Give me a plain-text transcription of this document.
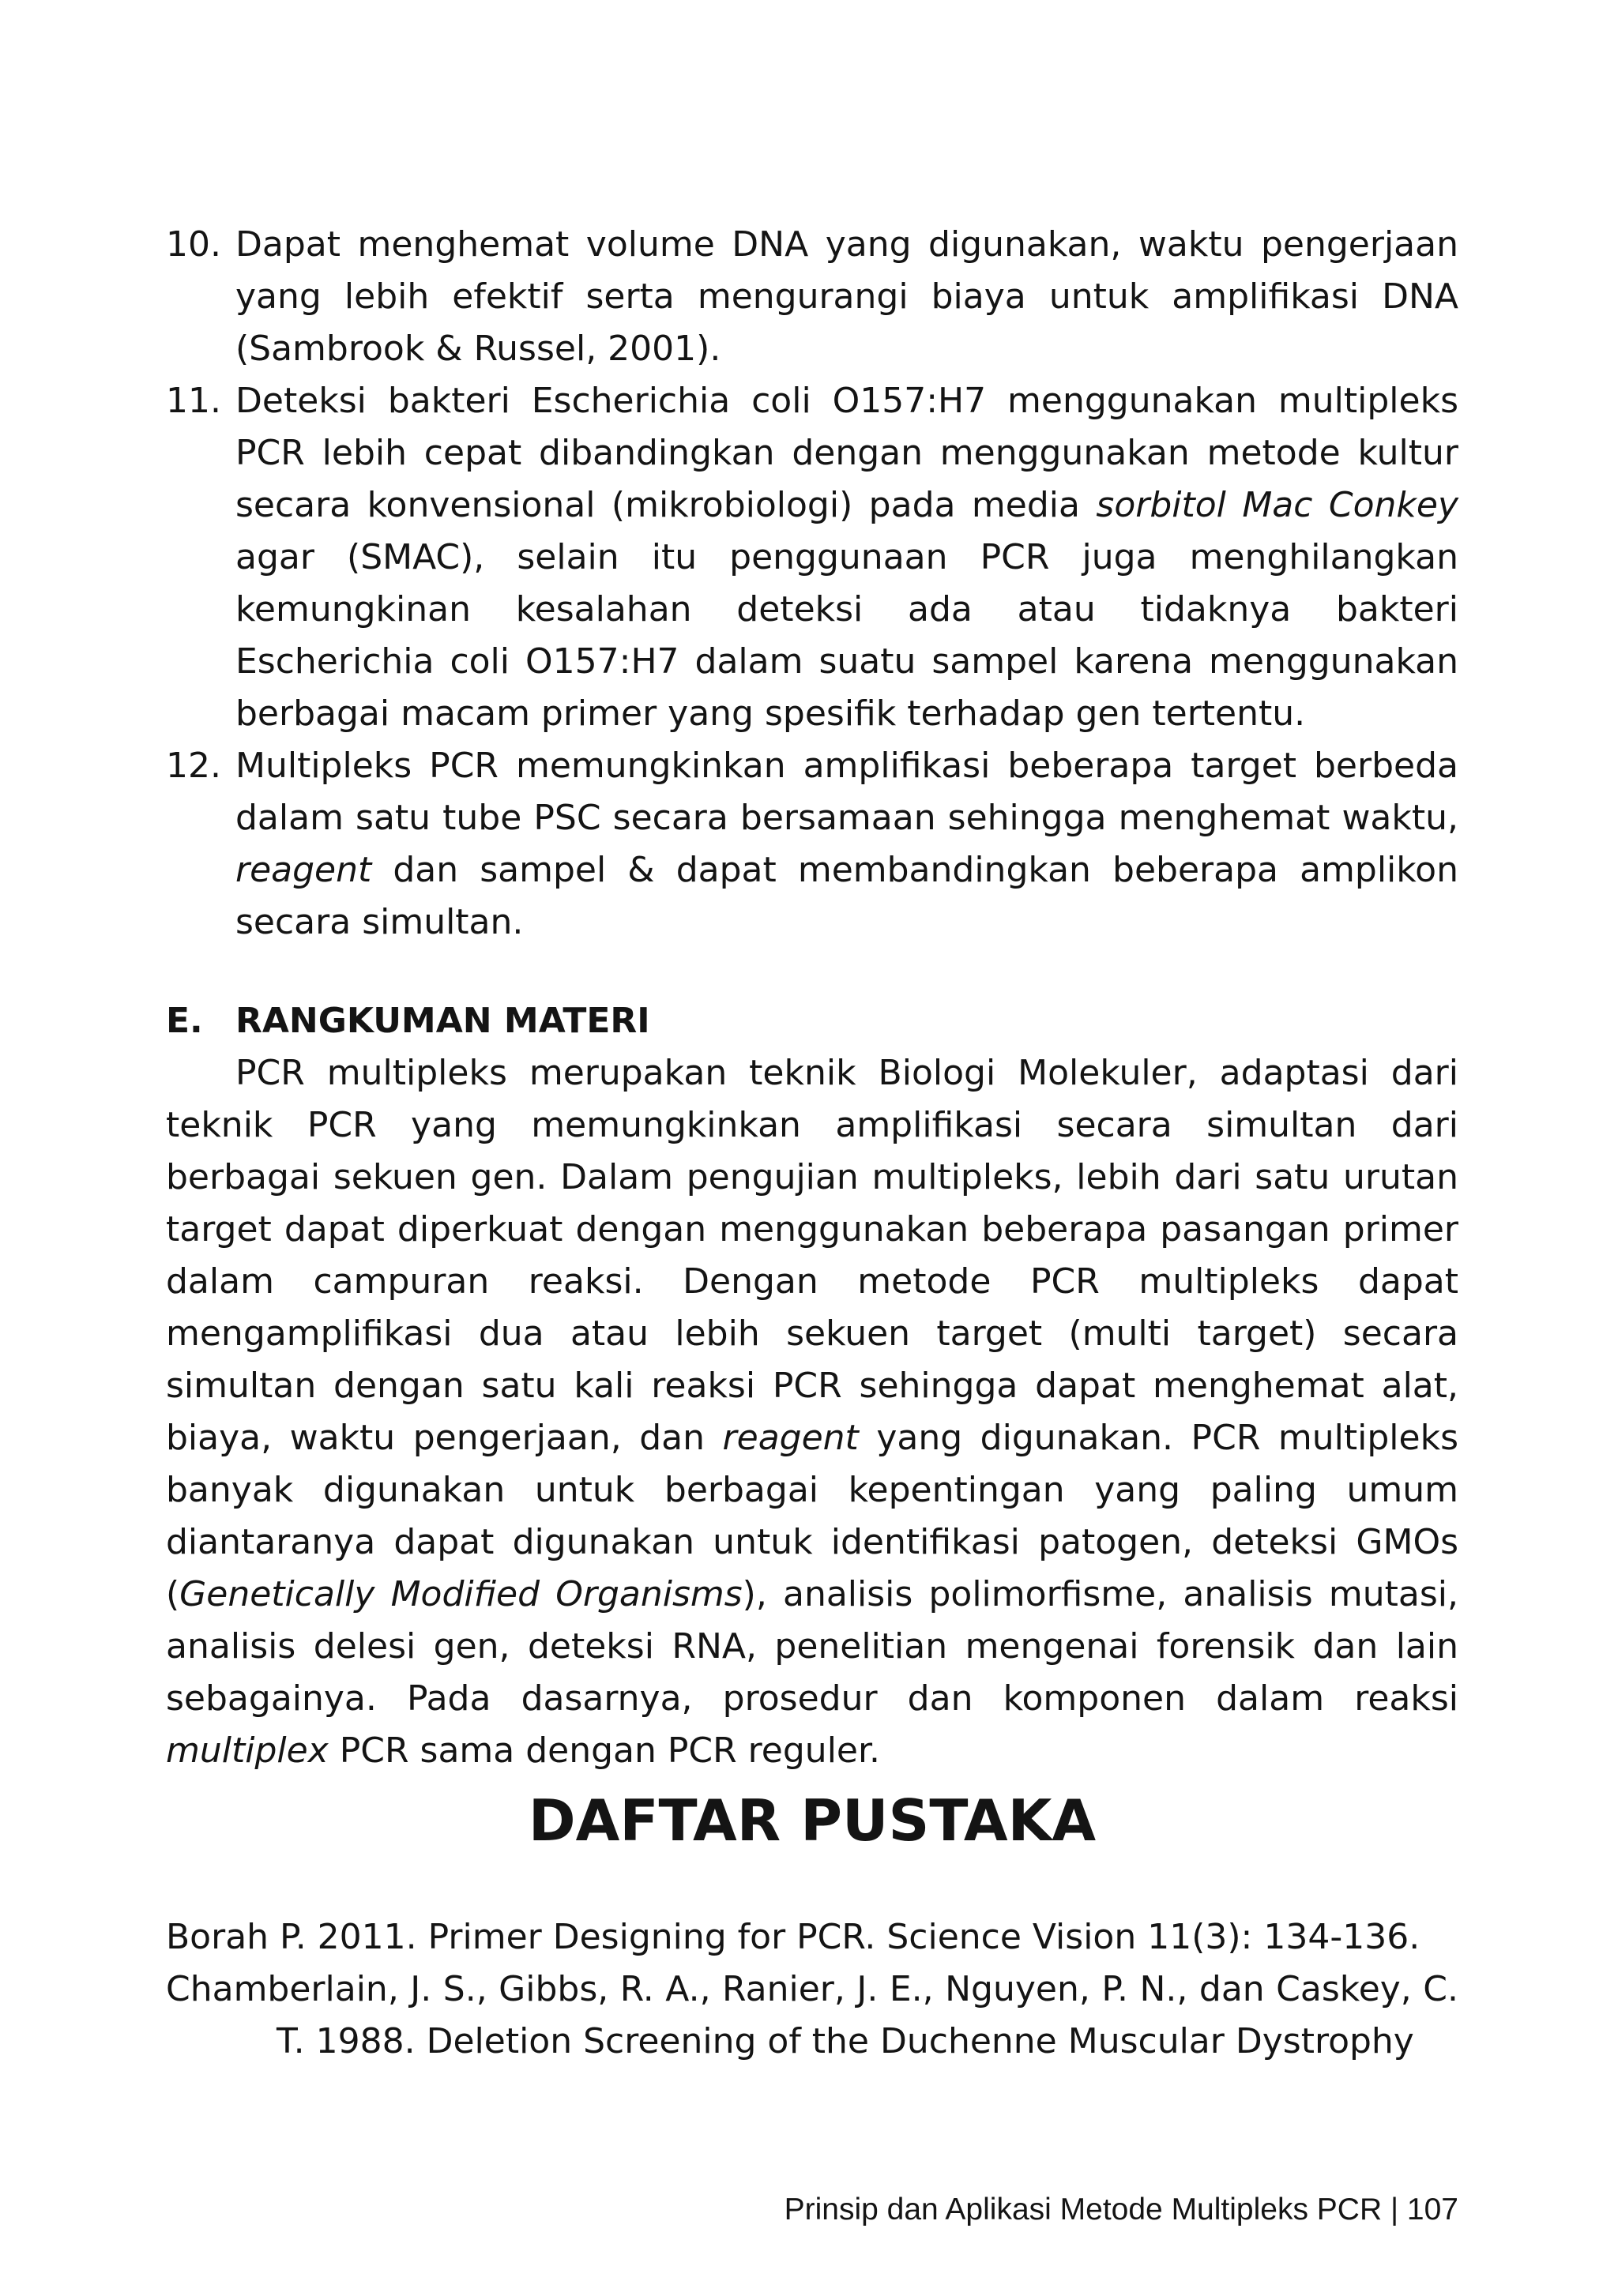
10. Dapat menghemat volume DNA yang digunakan, waktu pengerjaan yang lebih efektif serta mengurangi biaya untuk amplifikasi DNA (Sambrook & Russel, 2001).
11. Deteksi bakteri Escherichia coli O157:H7 menggunakan multipleks PCR lebih cepat dibandingkan dengan menggunakan metode kultur secara konvensional (mikrobiologi) pada media sorbitol Mac Conkey agar (SMAC), selain itu penggunaan PCR juga menghilangkan kemungkinan kesalahan deteksi ada atau tidaknya bakteri Escherichia coli O157:H7 dalam suatu sampel karena menggunakan berbagai macam primer yang spesifik terhadap gen tertentu.
12. Multipleks PCR memungkinkan amplifikasi beberapa target berbeda dalam satu tube PSC secara bersamaan sehingga menghemat waktu, reagent dan sampel & dapat membandingkan beberapa amplikon secara simultan.
E. RANGKUMAN MATERI

PCR multipleks merupakan teknik Biologi Molekuler, adaptasi dari teknik PCR yang memungkinkan amplifikasi secara simultan dari berbagai sekuen gen. Dalam pengujian multipleks, lebih dari satu urutan target dapat diperkuat dengan menggunakan beberapa pasangan primer dalam campuran reaksi. Dengan metode PCR multipleks dapat mengamplifikasi dua atau lebih sekuen target (multi target) secara simultan dengan satu kali reaksi PCR sehingga dapat menghemat alat, biaya, waktu pengerjaan, dan reagent yang digunakan. PCR multipleks banyak digunakan untuk berbagai kepentingan yang paling umum diantaranya dapat digunakan untuk identifikasi patogen, deteksi GMOs (Genetically Modified Organisms), analisis polimorfisme, analisis mutasi, analisis delesi gen, deteksi RNA, penelitian mengenai forensik dan lain sebagainya. Pada dasarnya, prosedur dan komponen dalam reaksi multiplex PCR sama dengan PCR reguler.

DAFTAR PUSTAKA

Borah P. 2011. Primer Designing for PCR. Science Vision 11(3): 134-136.

Chamberlain, J. S., Gibbs, R. A., Ranier, J. E., Nguyen, P. N., dan Caskey, C. T. 1988. Deletion Screening of the Duchenne Muscular Dystrophy

Prinsip dan Aplikasi Metode Multipleks PCR | 107
